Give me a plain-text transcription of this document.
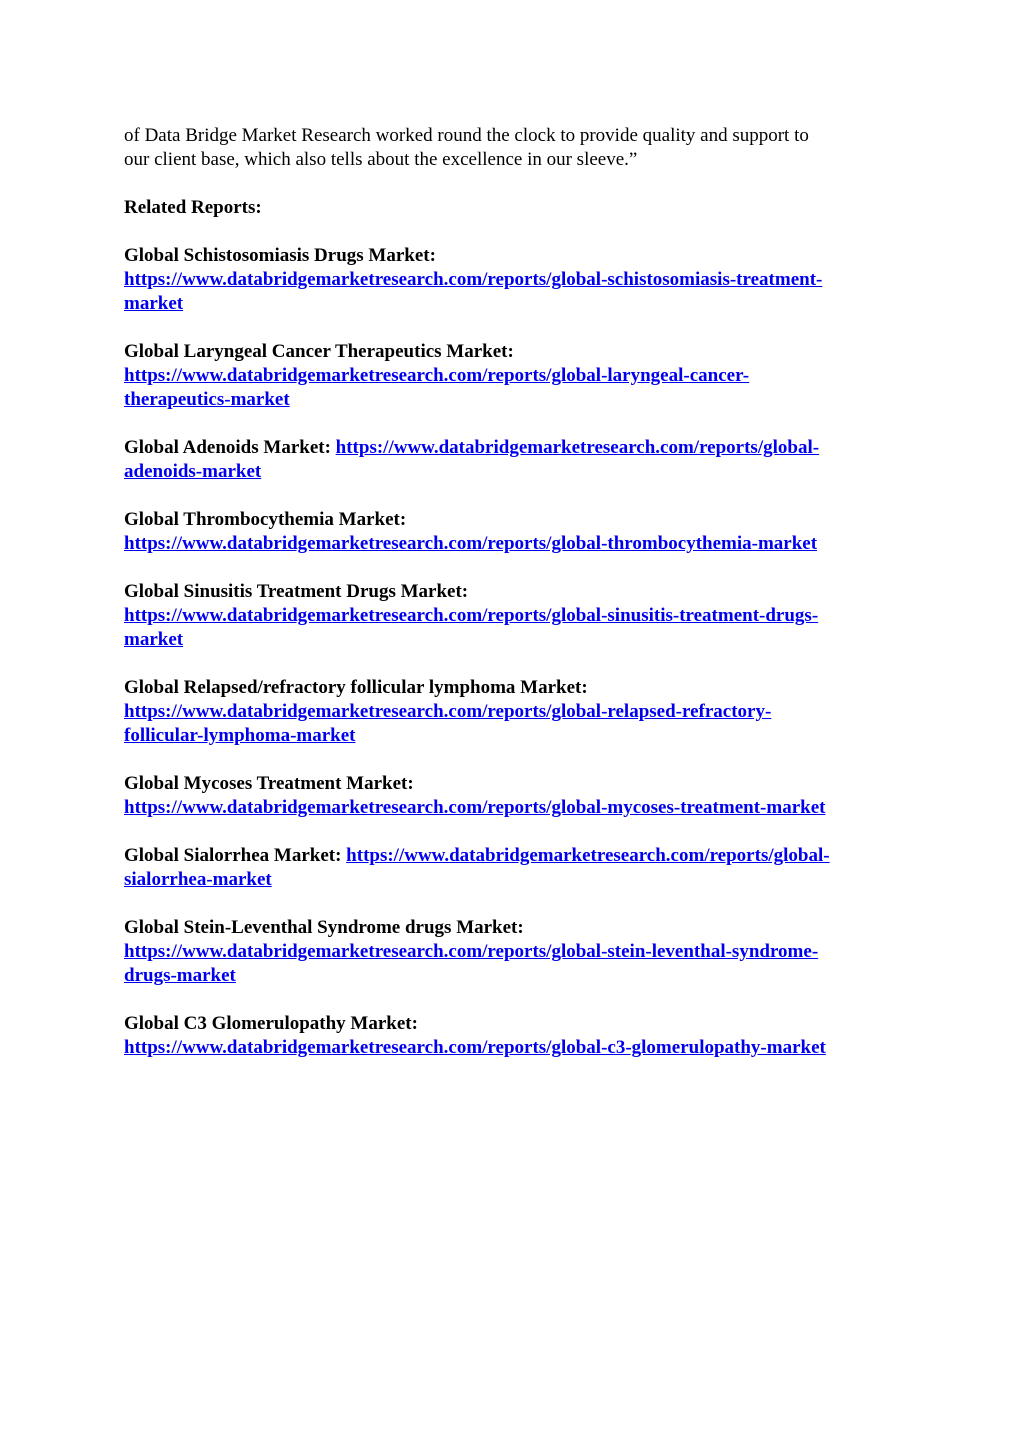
of Data Bridge Market Research worked round the clock to provide quality and support to
our client base, which also tells about the excellence in our sleeve.”

Related Reports:

Global Schistosomiasis Drugs Market:
https://www.databridgemarketresearch.com/reports/global-schistosomiasis-treatment-
market

Global Laryngeal Cancer Therapeutics Market:
https://www.databridgemarketresearch.com/reports/global-laryngeal-cancer-
therapeutics-market

Global Adenoids Market: https://www.databridgemarketresearch.com/reports/global-
adenoids-market

Global Thrombocythemia Market:
https://www.databridgemarketresearch.com/reports/global-thrombocythemia-market

Global Sinusitis Treatment Drugs Market:
https://www.databridgemarketresearch.com/reports/global-sinusitis-treatment-drugs-
market

Global Relapsed/refractory follicular lymphoma Market:
https://www.databridgemarketresearch.com/reports/global-relapsed-refractory-
follicular-lymphoma-market

Global Mycoses Treatment Market:
https://www.databridgemarketresearch.com/reports/global-mycoses-treatment-market

Global Sialorrhea Market: https://www.databridgemarketresearch.com/reports/global-
sialorrhea-market

Global Stein-Leventhal Syndrome drugs Market:
https://www.databridgemarketresearch.com/reports/global-stein-leventhal-syndrome-
drugs-market

Global C3 Glomerulopathy Market:
https://www.databridgemarketresearch.com/reports/global-c3-glomerulopathy-market
